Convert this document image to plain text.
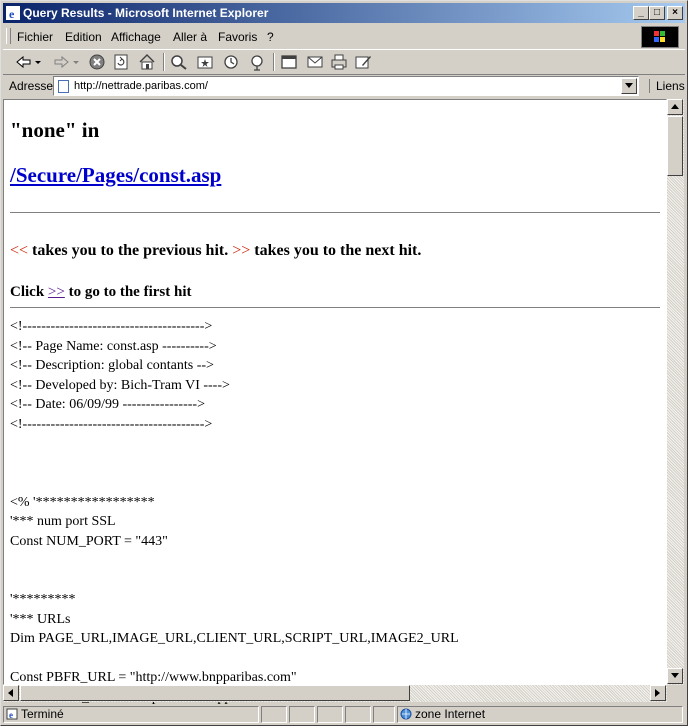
e Query Results - Microsoft Internet Explorer	_	□	×
Fichier Edition Affichage Aller à Favoris ?
Adresse http://nettrade.paribas.com/	Liens
"none" in
/Secure/Pages/const.asp
<< takes you to the previous hit. >> takes you to the next hit.
Click >> to go to the first hit
<!--------------------------------------->
<!-- Page Name: const.asp ---------->
<!-- Description: global contants -->
<!-- Developed by: Bich-Tram VI ---->
<!-- Date: 06/09/99 ---------------->
<!--------------------------------------->

<% '*****************
'*** num port SSL
Const NUM_PORT = "443"

'*********
'*** URLs
Dim PAGE_URL,IMAGE_URL,CLIENT_URL,SCRIPT_URL,IMAGE2_URL

Const PBFR_URL = "http://www.bnpparibas.com"

e Terminé	zone Internet
